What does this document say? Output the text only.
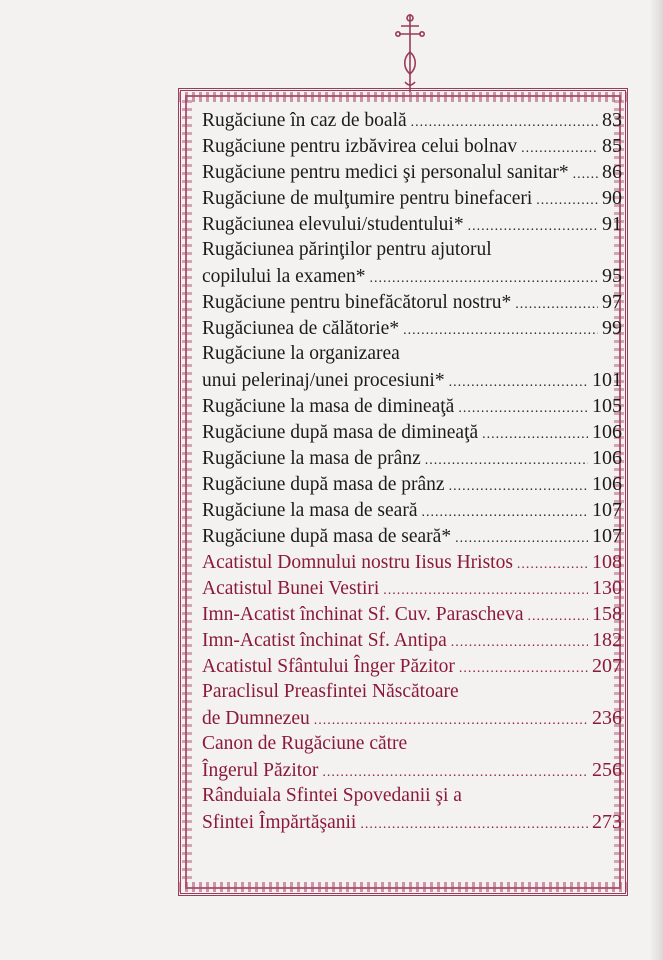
Rugăciune în caz de boală .....	83
Rugăciune pentru izbăvirea celui bolnav .....	85
Rugăciune pentru medici şi personalul sanitar* ..... 86
Rugăciune de mulţumire pentru binefaceri .....	90
Rugăciunea elevului/studentului* .....	91
Rugăciunea părinţilor pentru ajutorul
copilului la examen* .....	95
Rugăciune pentru binefăcătorul nostru* .....	97
Rugăciunea de călătorie* .....	99
Rugăciune la organizarea
unui pelerinaj/unei procesiuni* .....	101
Rugăciune la masa de dimineaţă .....	105
Rugăciune după masa de dimineaţă .....	106
Rugăciune la masa de prânz .....	106
Rugăciune după masa de prânz .....	106
Rugăciune la masa de seară .....	107
Rugăciune după masa de seară* .....	107
Acatistul Domnului nostru Iisus Hristos .....	108
Acatistul Bunei Vestiri .....	130
Imn-Acatist închinat Sf. Cuv. Parascheva .....	158
Imn-Acatist închinat Sf. Antipa .....	182
Acatistul Sfântului Înger Păzitor .....	207
Paraclisul Preasfintei Născătoare
de Dumnezeu .....	236
Canon de Rugăciune către
Îngerul Păzitor .....	256
Rânduiala Sfintei Spovedanii şi a
Sfintei Împărtăşanii .....	273
